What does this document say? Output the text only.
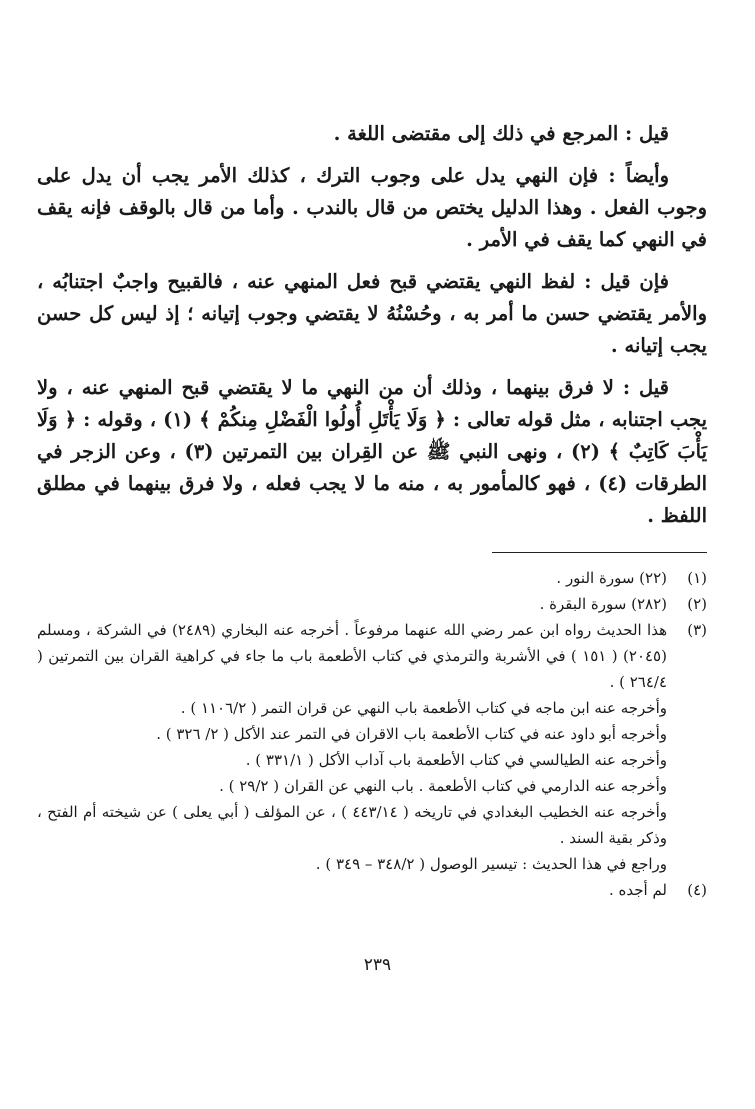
قيل : المرجع في ذلك إلى مقتضى اللغة .

وأيضاً : فإن النهي يدل على وجوب الترك ، كذلك الأمر يجب أن يدل على وجوب الفعل . وهذا الدليل يختص من قال بالندب . وأما من قال بالوقف فإنه يقف في النهي كما يقف في الأمر .

فإن قيل : لفظ النهي يقتضي قبح فعل المنهي عنه ، فالقبيح واجبٌ اجتنابُه ، والأمر يقتضي حسن ما أمر به ، وحُسْنُهُ لا يقتضي وجوب إتيانه ؛ إذ ليس كل حسن يجب إتيانه .

قيل : لا فرق بينهما ، وذلك أن من النهي ما لا يقتضي قبح المنهي عنه ، ولا يجب اجتنابه ، مثل قوله تعالى : ﴿ وَلَا يَأْتَلِ أُولُوا الْفَضْلِ مِنكُمْ ﴾ (١) ، وقوله : ﴿ وَلَا يَأْبَ كَاتِبٌ ﴾ (٢) ، ونهى النبي ﷺ عن القِران بين التمرتين (٣) ، وعن الزجر في الطرقات (٤) ، فهو كالمأمور به ، منه ما لا يجب فعله ، ولا فرق بينهما في مطلق اللفظ .

(١)
(٢٢) سورة النور .
(٢)
(٢٨٢) سورة البقرة .
(٣)
هذا الحديث رواه ابن عمر رضي الله عنهما مرفوعاً . أخرجه عنه البخاري (٢٤٨٩) في الشركة ، ومسلم (٢٠٤٥) ( ١٥١ ) في الأشربة والترمذي في كتاب الأطعمة باب ما جاء في كراهية القران بين التمرتين ( ٢٦٤/٤ ) .
وأخرجه عنه ابن ماجه في كتاب الأطعمة باب النهي عن قران التمر ( ١١٠٦/٢ ) .
وأخرجه أبو داود عنه في كتاب الأطعمة باب الاقران في التمر عند الأكل ( ٢/ ٣٢٦ ) .
وأخرجه عنه الطيالسي في كتاب الأطعمة باب آداب الأكل ( ٣٣١/١ ) .
وأخرجه عنه الدارمي في كتاب الأطعمة . باب النهي عن القران ( ٢٩/٢ ) .
وأخرجه عنه الخطيب البغدادي في تاريخه ( ٤٤٣/١٤ ) ، عن المؤلف ( أبي يعلى ) عن شيخته أم الفتح ، وذكر بقية السند .
وراجع في هذا الحديث : تيسير الوصول ( ٣٤٨/٢ – ٣٤٩ ) .
(٤)
لم أجده .
٢٣٩
